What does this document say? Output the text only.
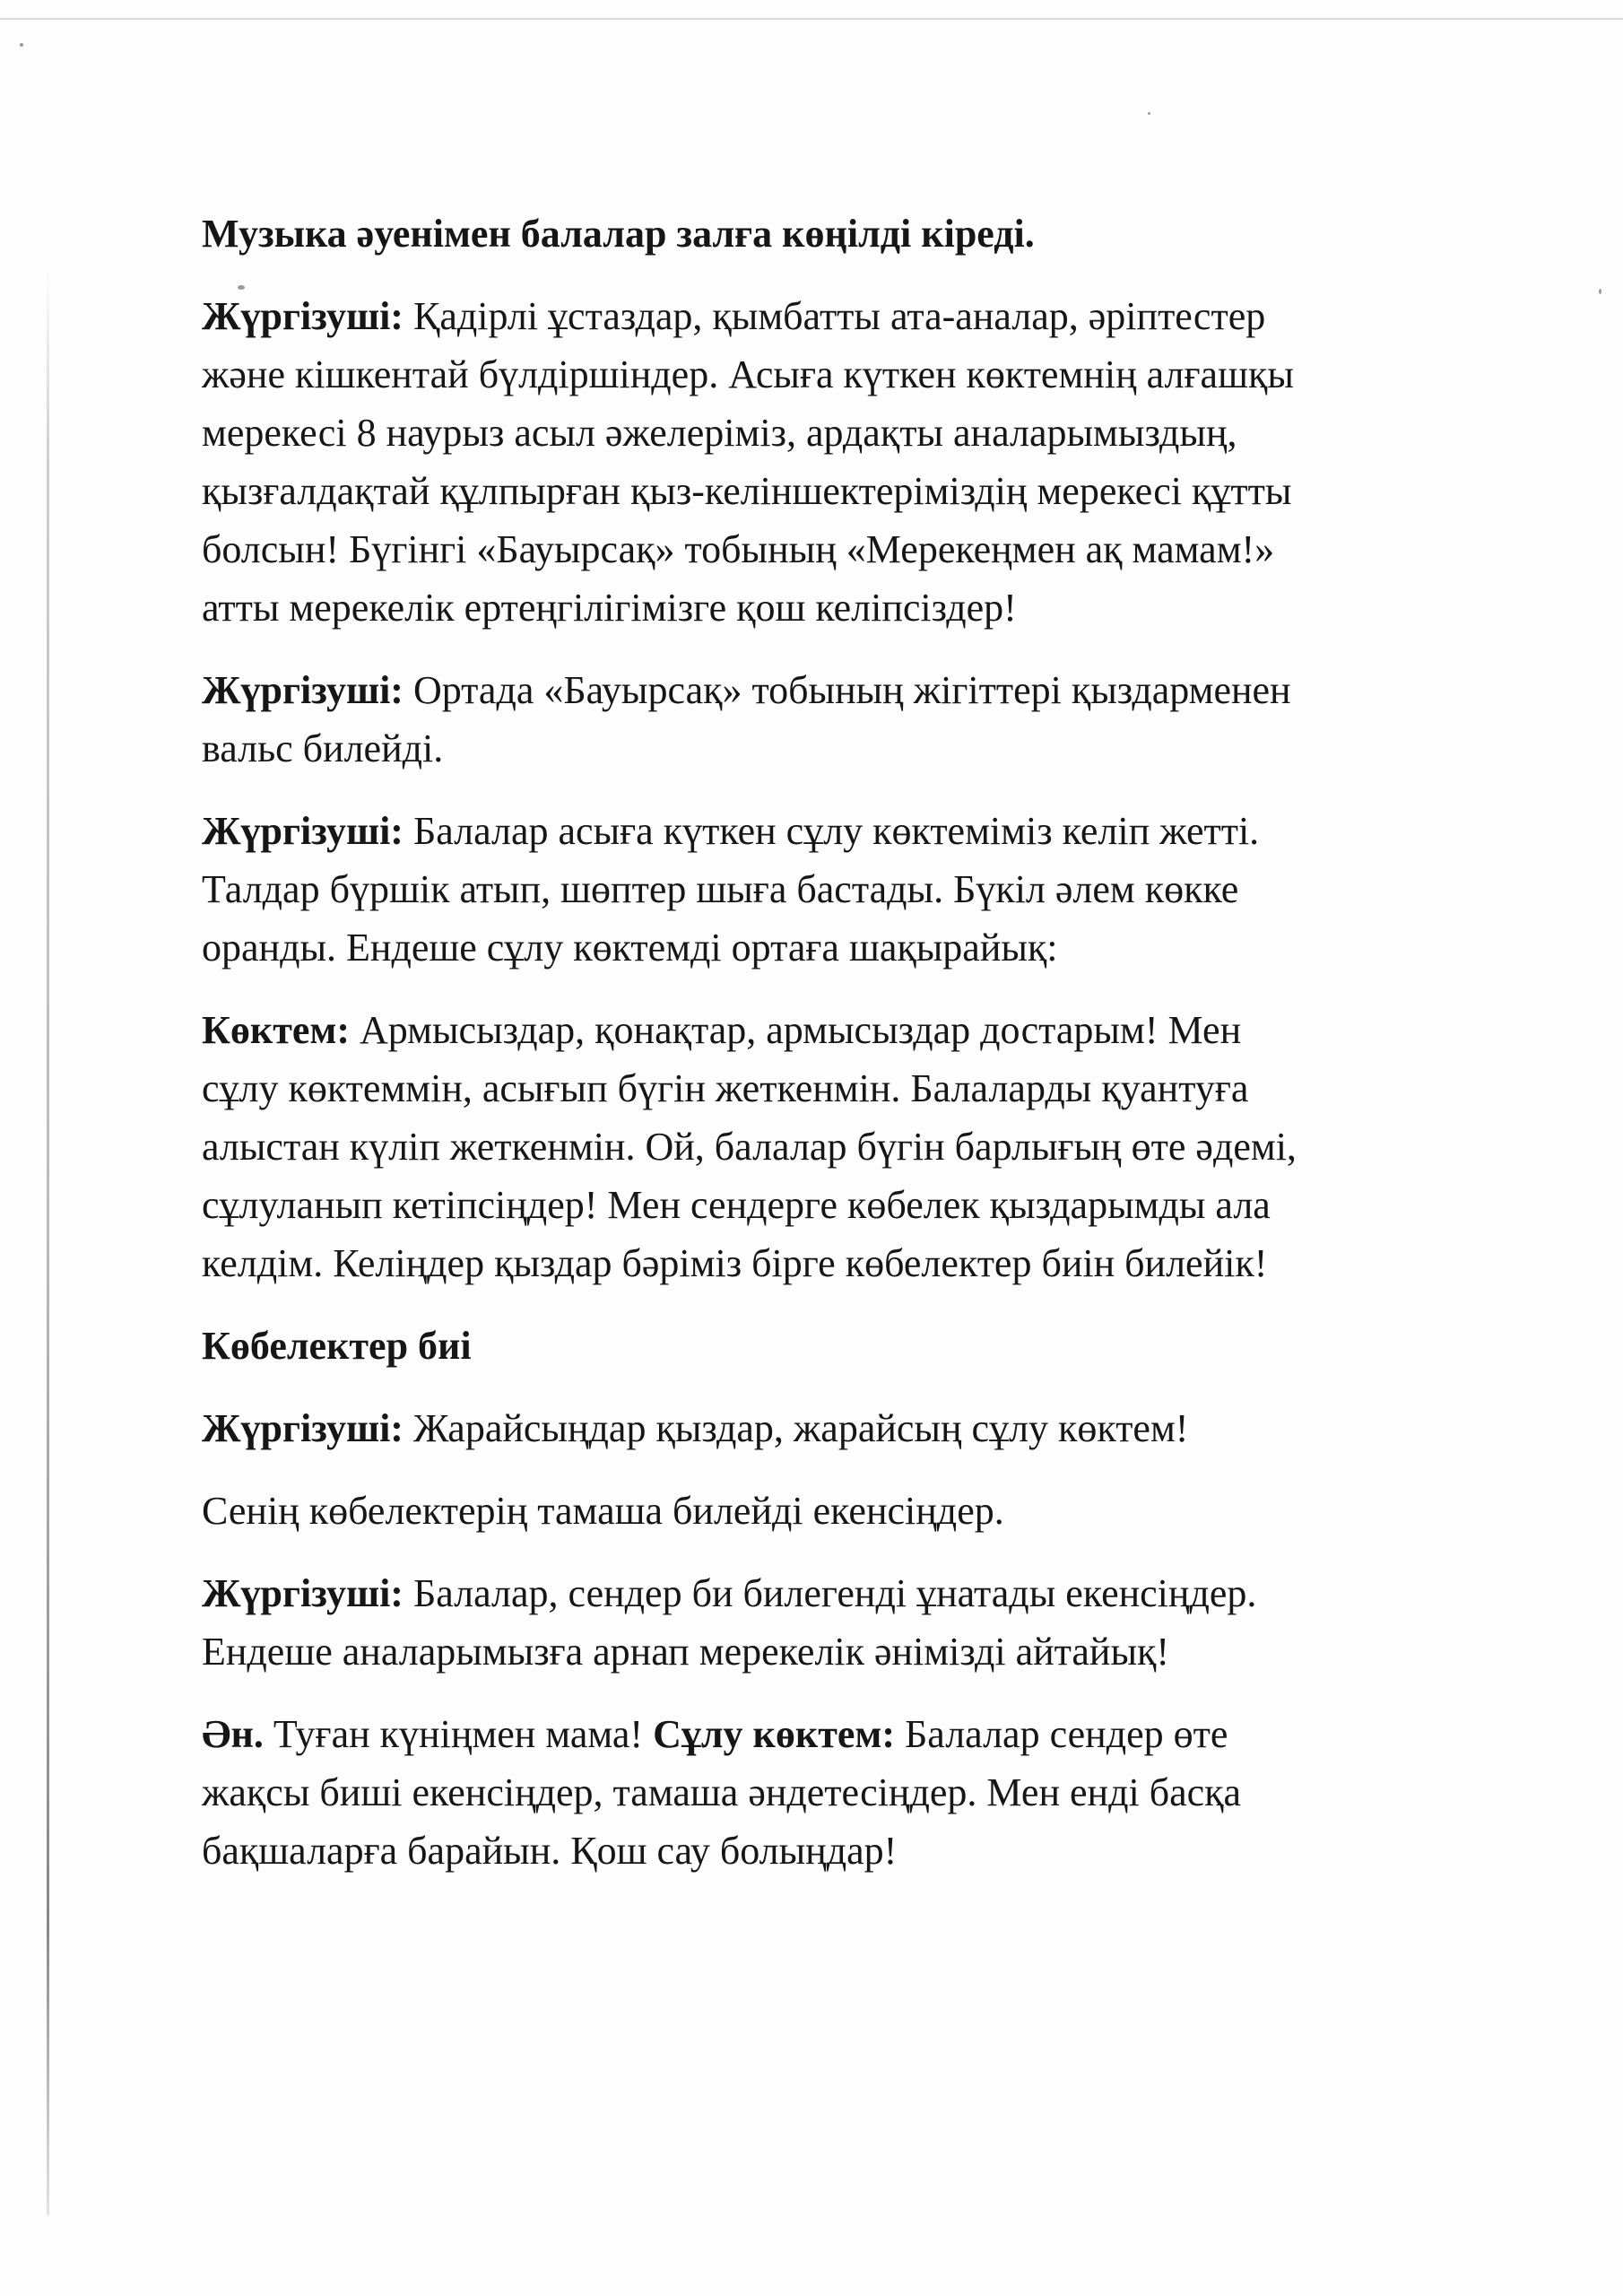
Музыка әуенімен балалар залға көңілді кіреді.

Жүргізуші: Қадірлі ұстаздар, қымбатты ата-аналар, әріптестер
және кішкентай бүлдіршіндер. Асыға күткен көктемнің алғашқы
мерекесі 8 наурыз асыл әжелеріміз, ардақты аналарымыздың,
қызғалдақтай құлпырған қыз-келіншектеріміздің мерекесі құтты
болсын! Бүгінгі «Бауырсақ» тобының «Мерекеңмен ақ мамам!»
атты мерекелік ертеңгілігімізге қош келіпсіздер!

Жүргізуші: Ортада «Бауырсақ» тобының жігіттері қыздарменен
вальс билейді.

Жүргізуші: Балалар асыға күткен сұлу көктеміміз келіп жетті.
Талдар бүршік атып, шөптер шыға бастады. Бүкіл әлем көкке
оранды. Ендеше сұлу көктемді ортаға шақырайық:

Көктем: Армысыздар, қонақтар, армысыздар достарым! Мен
сұлу көктеммін, асығып бүгін жеткенмін. Балаларды қуантуға
алыстан күліп жеткенмін. Ой, балалар бүгін барлығың өте әдемі,
сұлуланып кетіпсіңдер! Мен сендерге көбелек қыздарымды ала
келдім. Келіңдер қыздар бәріміз бірге көбелектер биін билейік!

Көбелектер биі

Жүргізуші: Жарайсыңдар қыздар, жарайсың сұлу көктем!

Сенің көбелектерің тамаша билейді екенсіңдер.

Жүргізуші: Балалар, сендер би билегенді ұнатады екенсіңдер.
Ендеше аналарымызға арнап мерекелік әнімізді айтайық!

Ән. Туған күніңмен мама! Сұлу көктем: Балалар сендер өте
жақсы биші екенсіңдер, тамаша әндетесіңдер. Мен енді басқа
бақшаларға барайын. Қош сау болыңдар!
